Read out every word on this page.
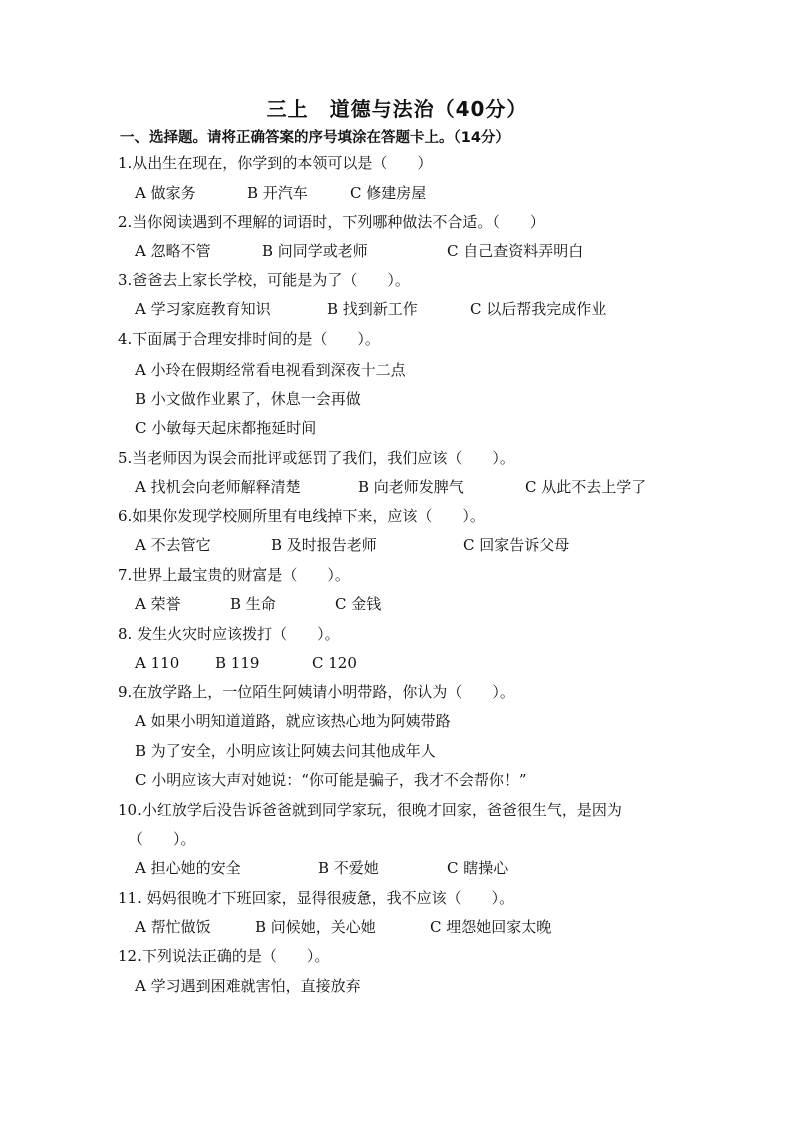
三上　道德与法治（40分）
一、选择题。请将正确答案的序号填涂在答题卡上。（14分）
1.从出生在现在，你学到的本领可以是（　　）

A 做家务

	B 开汽车

	C 修建房屋

2.当你阅读遇到不理解的词语时，下列哪种做法不合适。（　　）

A 忽略不管

	B 问同学或老师

	C 自己查资料弄明白

3.爸爸去上家长学校，可能是为了（　　）。

A 学习家庭教育知识

	B 找到新工作

	C 以后帮我完成作业

4.下面属于合理安排时间的是（　　）。
A 小玲在假期经常看电视看到深夜十二点
B 小文做作业累了，休息一会再做
C 小敏每天起床都拖延时间
5.当老师因为误会而批评或惩罚了我们，我们应该（　　）。

A 找机会向老师解释清楚

	B 向老师发脾气

	C 从此不去上学了

6.如果你发现学校厕所里有电线掉下来，应该（　　）。

A 不去管它

	B 及时报告老师

	C 回家告诉父母

7.世界上最宝贵的财富是（　　）。

A 荣誉

	B 生命

	C 金钱

8. 发生火灾时应该拨打（　　）。

A 110

B 119

	C 120

9.在放学路上，一位陌生阿姨请小明带路，你认为（　　）。
A 如果小明知道道路，就应该热心地为阿姨带路
B 为了安全，小明应该让阿姨去问其他成年人
C 小明应该大声对她说：“你可能是骗子，我才不会帮你！”
10.小红放学后没告诉爸爸就到同学家玩，很晚才回家，爸爸很生气，是因为
（　　）。

A 担心她的安全

	B 不爱她

	C 瞎操心

11. 妈妈很晚才下班回家，显得很疲惫，我不应该（　　）。

A 帮忙做饭

	B 问候她，关心她

	C 埋怨她回家太晚

12.下列说法正确的是（　　）。
A 学习遇到困难就害怕，直接放弃
